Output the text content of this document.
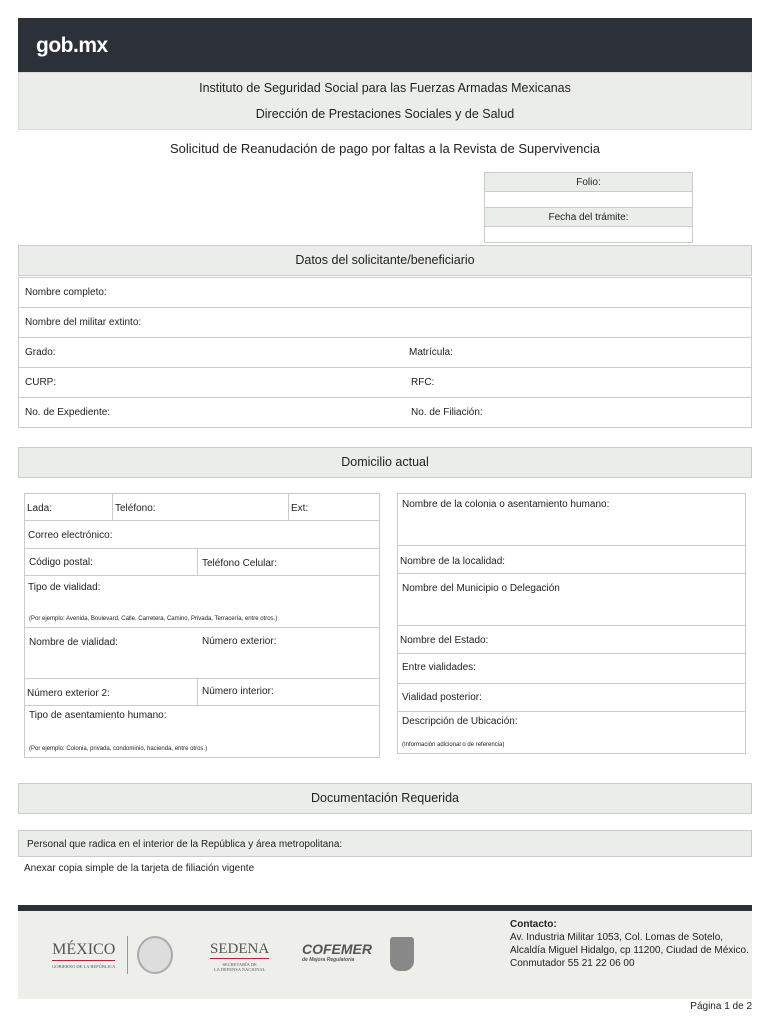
gob.mx
Instituto de Seguridad Social para las Fuerzas Armadas Mexicanas
Dirección de Prestaciones Sociales y de Salud
Solicitud de Reanudación de pago por faltas a la Revista de Supervivencia
Folio:
Fecha del trámite:
Datos del solicitante/beneficiario
Nombre completo:
Nombre del militar extinto:
Grado:	Matrícula:
CURP:	RFC:
No. de Expediente:	No. de Filiación:
Domicilio actual
Lada:	Teléfono:	Ext:
Correo electrónico:
Código postal:	Teléfono Celular:
Tipo de vialidad:
(Por ejemplo: Avenida, Boulevard, Calle, Carretera, Camino, Privada, Terracería, entre otros.)
Nombre de vialidad:	Número exterior:
Número exterior 2:	Número interior:
Tipo de asentamiento humano:
(Por ejemplo: Colonia, privada, condominio, hacienda, entre otros.)
Nombre de la colonia o asentamiento humano:
Nombre de la localidad:
Nombre del Municipio o Delegación
Nombre del Estado:
Entre vialidades:
Vialidad posterior:
Descripción de Ubicación:
(Información adicional o de referencia)
Documentación Requerida
Personal que radica en el interior de la República y área metropolitana:
Anexar copia simple de la tarjeta de filiación vigente
MÉXICO
GOBIERNO DE LA REPÚBLICA
SEDENA
SECRETARÍA DE
LA DEFENSA NACIONAL
COFEMER
de Mejora Regulatoria
Contacto:
Av. Industria Militar 1053, Col. Lomas de Sotelo,
Alcaldía Miguel Hidalgo, cp 11200, Ciudad de México.
Conmutador 55 21 22 06 00
Página 1 de 2
